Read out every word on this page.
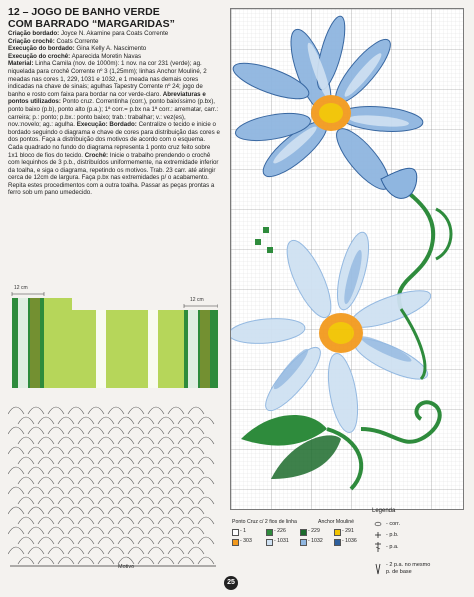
12 – JOGO DE BANHO VERDE
COM BARRADO “MARGARIDAS”

Criação bordado: Joyce N. Akamine para Coats Corrente

Criação crochê: Coats Corrente

Execução do bordado: Gina Kelly A. Nascimento

Execução do crochê: Aparecida Moretin Navas

Material: Linha Camila (nov. de 1000m): 1 nov. na cor 231 (verde); ag. niquelada para crochê Corrente nº 3 (1,25mm); linhas Anchor Mouliné, 2 meadas nas cores 1, 229, 1031 e 1032, e 1 meada nas demais cores indicadas na chave de sinais; agulhas Tapestry Corrente nº 24; jogo de banho e rosto com faixa para bordar na cor verde-claro. Abreviaturas e pontos utilizados: Ponto cruz. Correntinha (corr.), ponto baixíssimo (p.bx), ponto baixo (p.b), ponto alto (p.a.); 1ª corr.= p.bx na 1ª corr.: arrematar, carr.: carreira; p.: ponto; p.bx.: ponto baixo; trab.: trabalhar; v.: vez(es), nov.:novelo; ag.: agulha. Execução: Bordado: Centralize o tecido e inicie o bordado seguindo o diagrama e chave de cores para distribuição das cores e dos pontos. Faça a distribuição dos motivos de acordo com o esquema. Cada quadrado no fundo do diagrama representa 1 ponto cruz feito sobre 1x1 bloco de fios do tecido. Crochê: Inicie o trabalho prendendo o crochê com lequinhos de 3 p.b., distribuídos uniformemente, na extremidade inferior da toalha, e siga o diagrama, repetindo os motivos. Trab. 23 carr. até atingir cerca de 12cm de largura. Faça p.bx nas extremidades p/ o acabamento. Repita estes procedimentos com a outra toalha. Passar as peças prontas a ferro sob um pano umedecido.

12 cm
12 cm
Motivo
Ponto Cruz c/ 2 fios de linha	Anchor Mouliné
- 1	- 226	- 229	- 291
- 303	- 1031	- 1032	- 1036
Legenda
- corr.
- p.b.
- p.a.
- 2 p.a. no mesmo
p. de base
25
